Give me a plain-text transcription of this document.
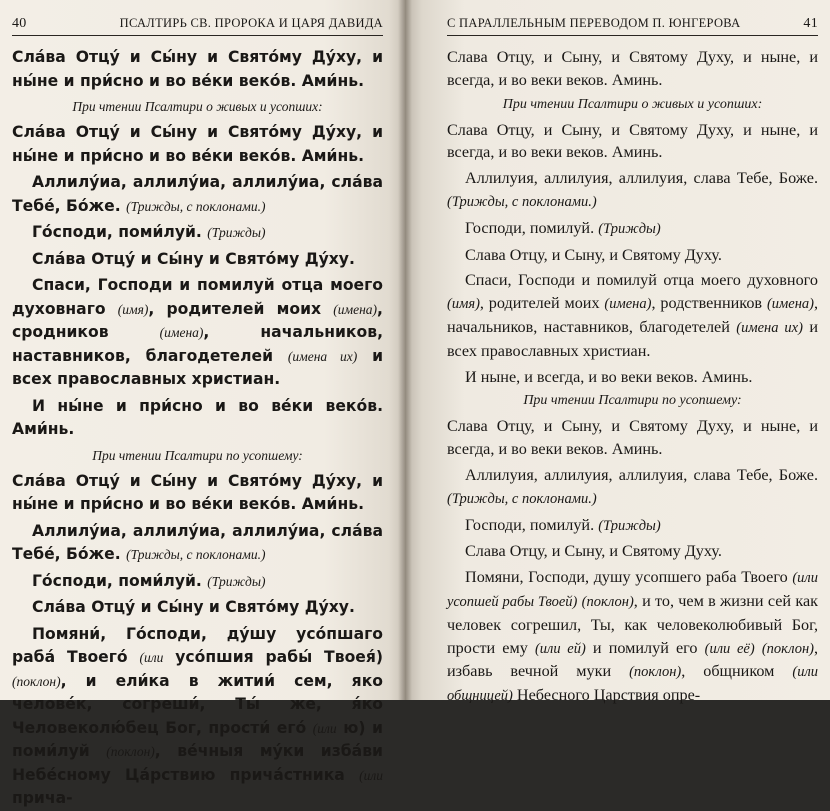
40	ПСАЛТИРЬ СВ. ПРОРОКА И ЦАРЯ ДАВИДА

Сла́ва Отцу́ и Сы́ну и Свято́му Ду́ху, и ны́не и при́сно и во ве́ки веко́в. Ами́нь.

При чтении Псалтири о живых и усопших:

Сла́ва Отцу́ и Сы́ну и Свято́му Ду́ху, и ны́не и при́сно и во ве́ки веко́в. Ами́нь.

Аллилу́иа, аллилу́иа, аллилу́иа, сла́ва Тебе́, Бо́же. (Трижды, с поклонами.)

Го́споди, поми́луй. (Трижды)

Сла́ва Отцу́ и Сы́ну и Свято́му Ду́ху.

Спаси, Господи и помилуй отца моего духовнаго (имя), родителей моих (имена), сродников	(имена), начальников, наставников, благодетелей (имена их) и всех православных христиан.

И ны́не и при́сно и во ве́ки веко́в. Ами́нь.

При чтении Псалтири по усопшему:

Сла́ва Отцу́ и Сы́ну и Свято́му Ду́ху, и ны́не и при́сно и во ве́ки веко́в. Ами́нь.

Аллилу́иа, аллилу́иа, аллилу́иа, сла́ва Тебе́, Бо́же. (Трижды, с поклонами.)

Го́споди, поми́луй. (Трижды)

Сла́ва Отцу́ и Сы́ну и Свято́му Ду́ху.

Помяни́, Го́споди, ду́шу усо́пшаго раба́ Твоего́ (или усо́пшия рабы́ Твоея́) (поклон), и ели́ка в житии́ сем, яко челове́к, согреши́, Ты́ же, я́ко Человеколю́бец Бог, прости́ его́ (или ю) и поми́луй (поклон), ве́чныя му́ки изба́ви Небе́сному Ца́рствию прича́стника (или прича-

С ПАРАЛЛЕЛЬНЫМ ПЕРЕВОДОМ П. ЮНГЕРОВА	41

Слава Отцу, и Сыну, и Святому Духу, и ныне, и всегда, и во веки веков. Аминь.

При чтении Псалтири о живых и усопших:

Слава Отцу, и Сыну, и Святому Духу, и ныне, и всегда, и во веки веков. Аминь.

Аллилуия, аллилуия, аллилуия, слава Тебе, Боже. (Трижды, с поклонами.)

Господи, помилуй. (Трижды)

Слава Отцу, и Сыну, и Святому Духу.

Спаси, Господи и помилуй отца моего духовного (имя), родителей моих (имена), родственников (имена), начальников, наставников, благодетелей (имена их) и всех православных христиан.

И ныне, и всегда, и во веки веков. Аминь.

При чтении Псалтири по усопшему:

Слава Отцу, и Сыну, и Святому Духу, и ныне, и всегда, и во веки веков. Аминь.

Аллилуия, аллилуия, аллилуия, слава Тебе, Боже. (Трижды, с поклонами.)

Господи, помилуй. (Трижды)

Слава Отцу, и Сыну, и Святому Духу.

Помяни, Господи, душу усопшего раба Твоего (или усопшей рабы Твоей) (поклон), и то, чем в жизни сей как человек согрешил, Ты, как человеколюбивый Бог, прости ему (или ей) и помилуй его (или её) (поклон), избавь вечной муки (поклон), общником (или общницей) Небесного Царствия опре-
